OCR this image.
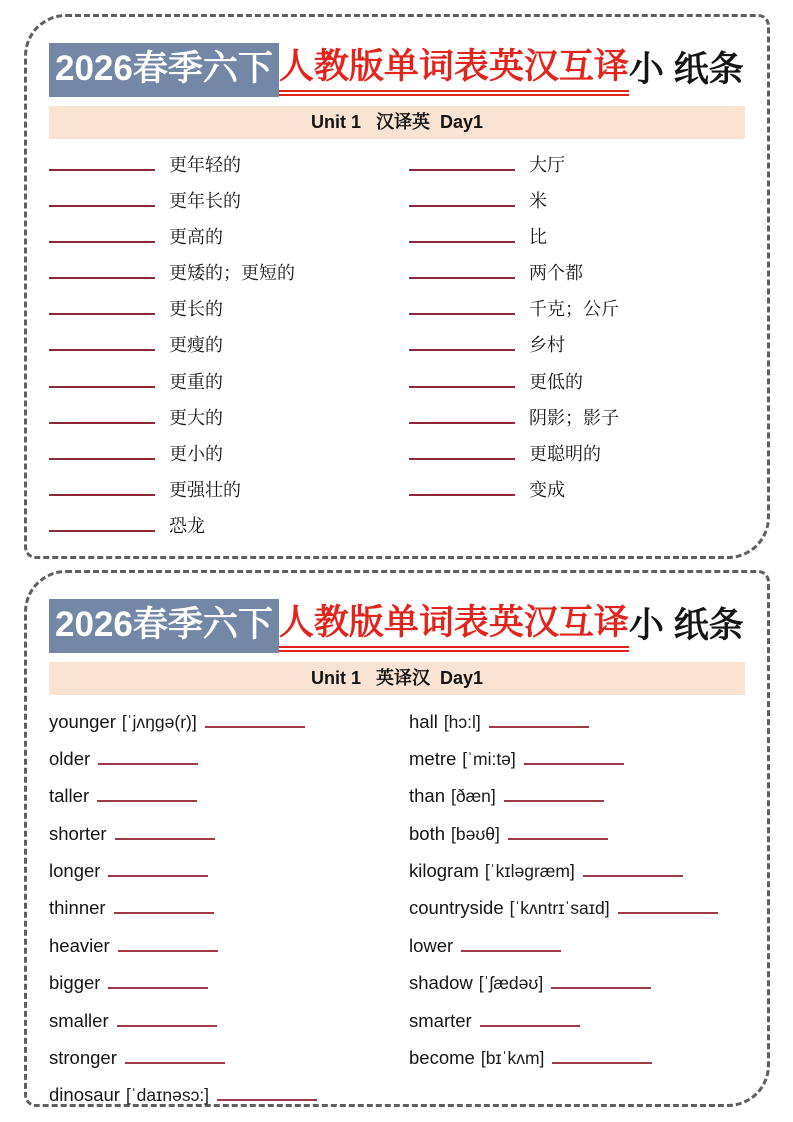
2026春季六下 人教版单词表英汉互译 小 纸条
Unit 1   汉译英  Day1
更年轻的
更年长的
更高的
更矮的；更短的
更长的
更瘦的
更重的
更大的
更小的
更强壮的
恐龙
大厅
米
比
两个都
千克；公斤
乡村
更低的
阴影；影子
更聪明的
变成
2026春季六下 人教版单词表英汉互译 小 纸条
Unit 1   英译汉  Day1
younger [ˈjʌŋgə(r)]
older
taller
shorter
longer
thinner
heavier
bigger
smaller
stronger
dinosaur [ˈdaɪnəsɔ:]
hall [hɔ:l]
metre [ˈmi:tə]
than [ðæn]
both [bəʊθ]
kilogram [ˈkɪləgræm]
countryside [ˈkʌntrɪˈsaɪd]
lower
shadow [ˈʃædəʊ]
smarter
become [bɪˈkʌm]
